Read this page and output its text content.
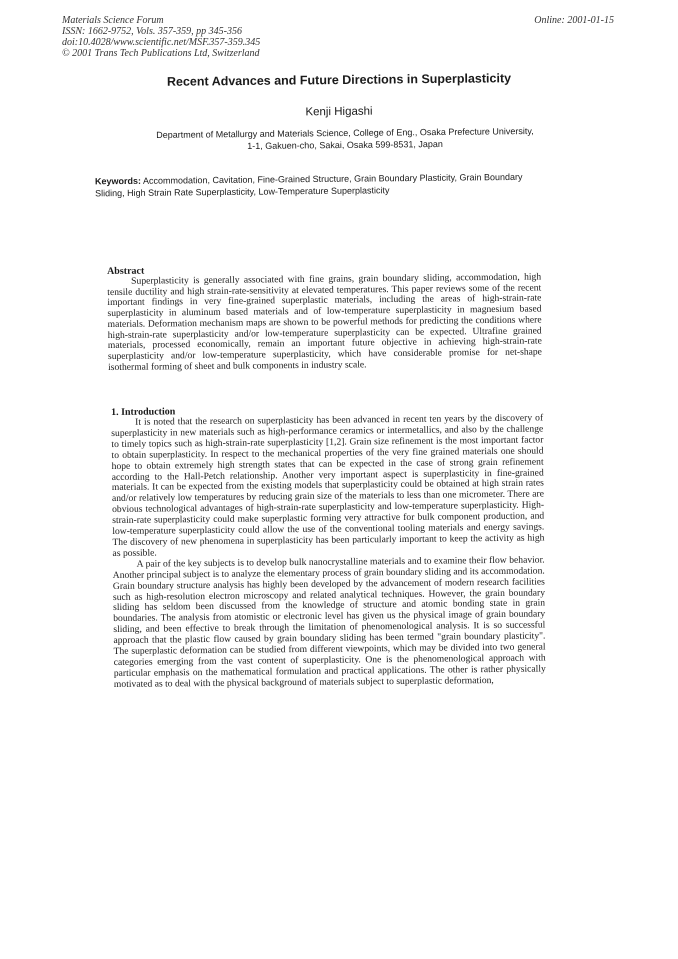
Materials Science Forum
ISSN: 1662-9752, Vols. 357-359, pp 345-356
doi:10.4028/www.scientific.net/MSF.357-359.345
© 2001 Trans Tech Publications Ltd, Switzerland
Online: 2001-01-15
Recent Advances and Future Directions in Superplasticity
Kenji Higashi
Department of Metallurgy and Materials Science, College of Eng., Osaka Prefecture University,
1-1, Gakuen-cho, Sakai, Osaka 599-8531, Japan
Keywords: Accommodation, Cavitation, Fine-Grained Structure, Grain Boundary Plasticity, Grain Boundary Sliding, High Strain Rate Superplasticity, Low-Temperature Superplasticity
Abstract

Superplasticity is generally associated with fine grains, grain boundary sliding, accommodation, high tensile ductility and high strain-rate-sensitivity at elevated temperatures. This paper reviews some of the recent important findings in very fine-grained superplastic materials, including the areas of high-strain-rate superplasticity in aluminum based materials and of low-temperature superplasticity in magnesium based materials. Deformation mechanism maps are shown to be powerful methods for predicting the conditions where high-strain-rate superplasticity and/or low-temperature superplasticity can be expected. Ultrafine grained materials, processed economically, remain an important future objective in achieving high-strain-rate superplasticity and/or low-temperature superplasticity, which have considerable promise for net-shape isothermal forming of sheet and bulk components in industry scale.

1. Introduction

It is noted that the research on superplasticity has been advanced in recent ten years by the discovery of superplasticity in new materials such as high-performance ceramics or intermetallics, and also by the challenge to timely topics such as high-strain-rate superplasticity [1,2]. Grain size refinement is the most important factor to obtain superplasticity. In respect to the mechanical properties of the very fine grained materials one should hope to obtain extremely high strength states that can be expected in the case of strong grain refinement according to the Hall-Petch relationship. Another very important aspect is superplasticity in fine-grained materials. It can be expected from the existing models that superplasticity could be obtained at high strain rates and/or relatively low temperatures by reducing grain size of the materials to less than one micrometer. There are obvious technological advantages of high-strain-rate superplasticity and low-temperature superplasticity. High-strain-rate superplasticity could make superplastic forming very attractive for bulk component production, and low-temperature superplasticity could allow the use of the conventional tooling materials and energy savings. The discovery of new phenomena in superplasticity has been particularly important to keep the activity as high as possible.

A pair of the key subjects is to develop bulk nanocrystalline materials and to examine their flow behavior. Another principal subject is to analyze the elementary process of grain boundary sliding and its accommodation. Grain boundary structure analysis has highly been developed by the advancement of modern research facilities such as high-resolution electron microscopy and related analytical techniques. However, the grain boundary sliding has seldom been discussed from the knowledge of structure and atomic bonding state in grain boundaries. The analysis from atomistic or electronic level has given us the physical image of grain boundary sliding, and been effective to break through the limitation of phenomenological analysis. It is so successful approach that the plastic flow caused by grain boundary sliding has been termed "grain boundary plasticity". The superplastic deformation can be studied from different viewpoints, which may be divided into two general categories emerging from the vast content of superplasticity. One is the phenomenological approach with particular emphasis on the mathematical formulation and practical applications. The other is rather physically motivated as to deal with the physical background of materials subject to superplastic deformation,
